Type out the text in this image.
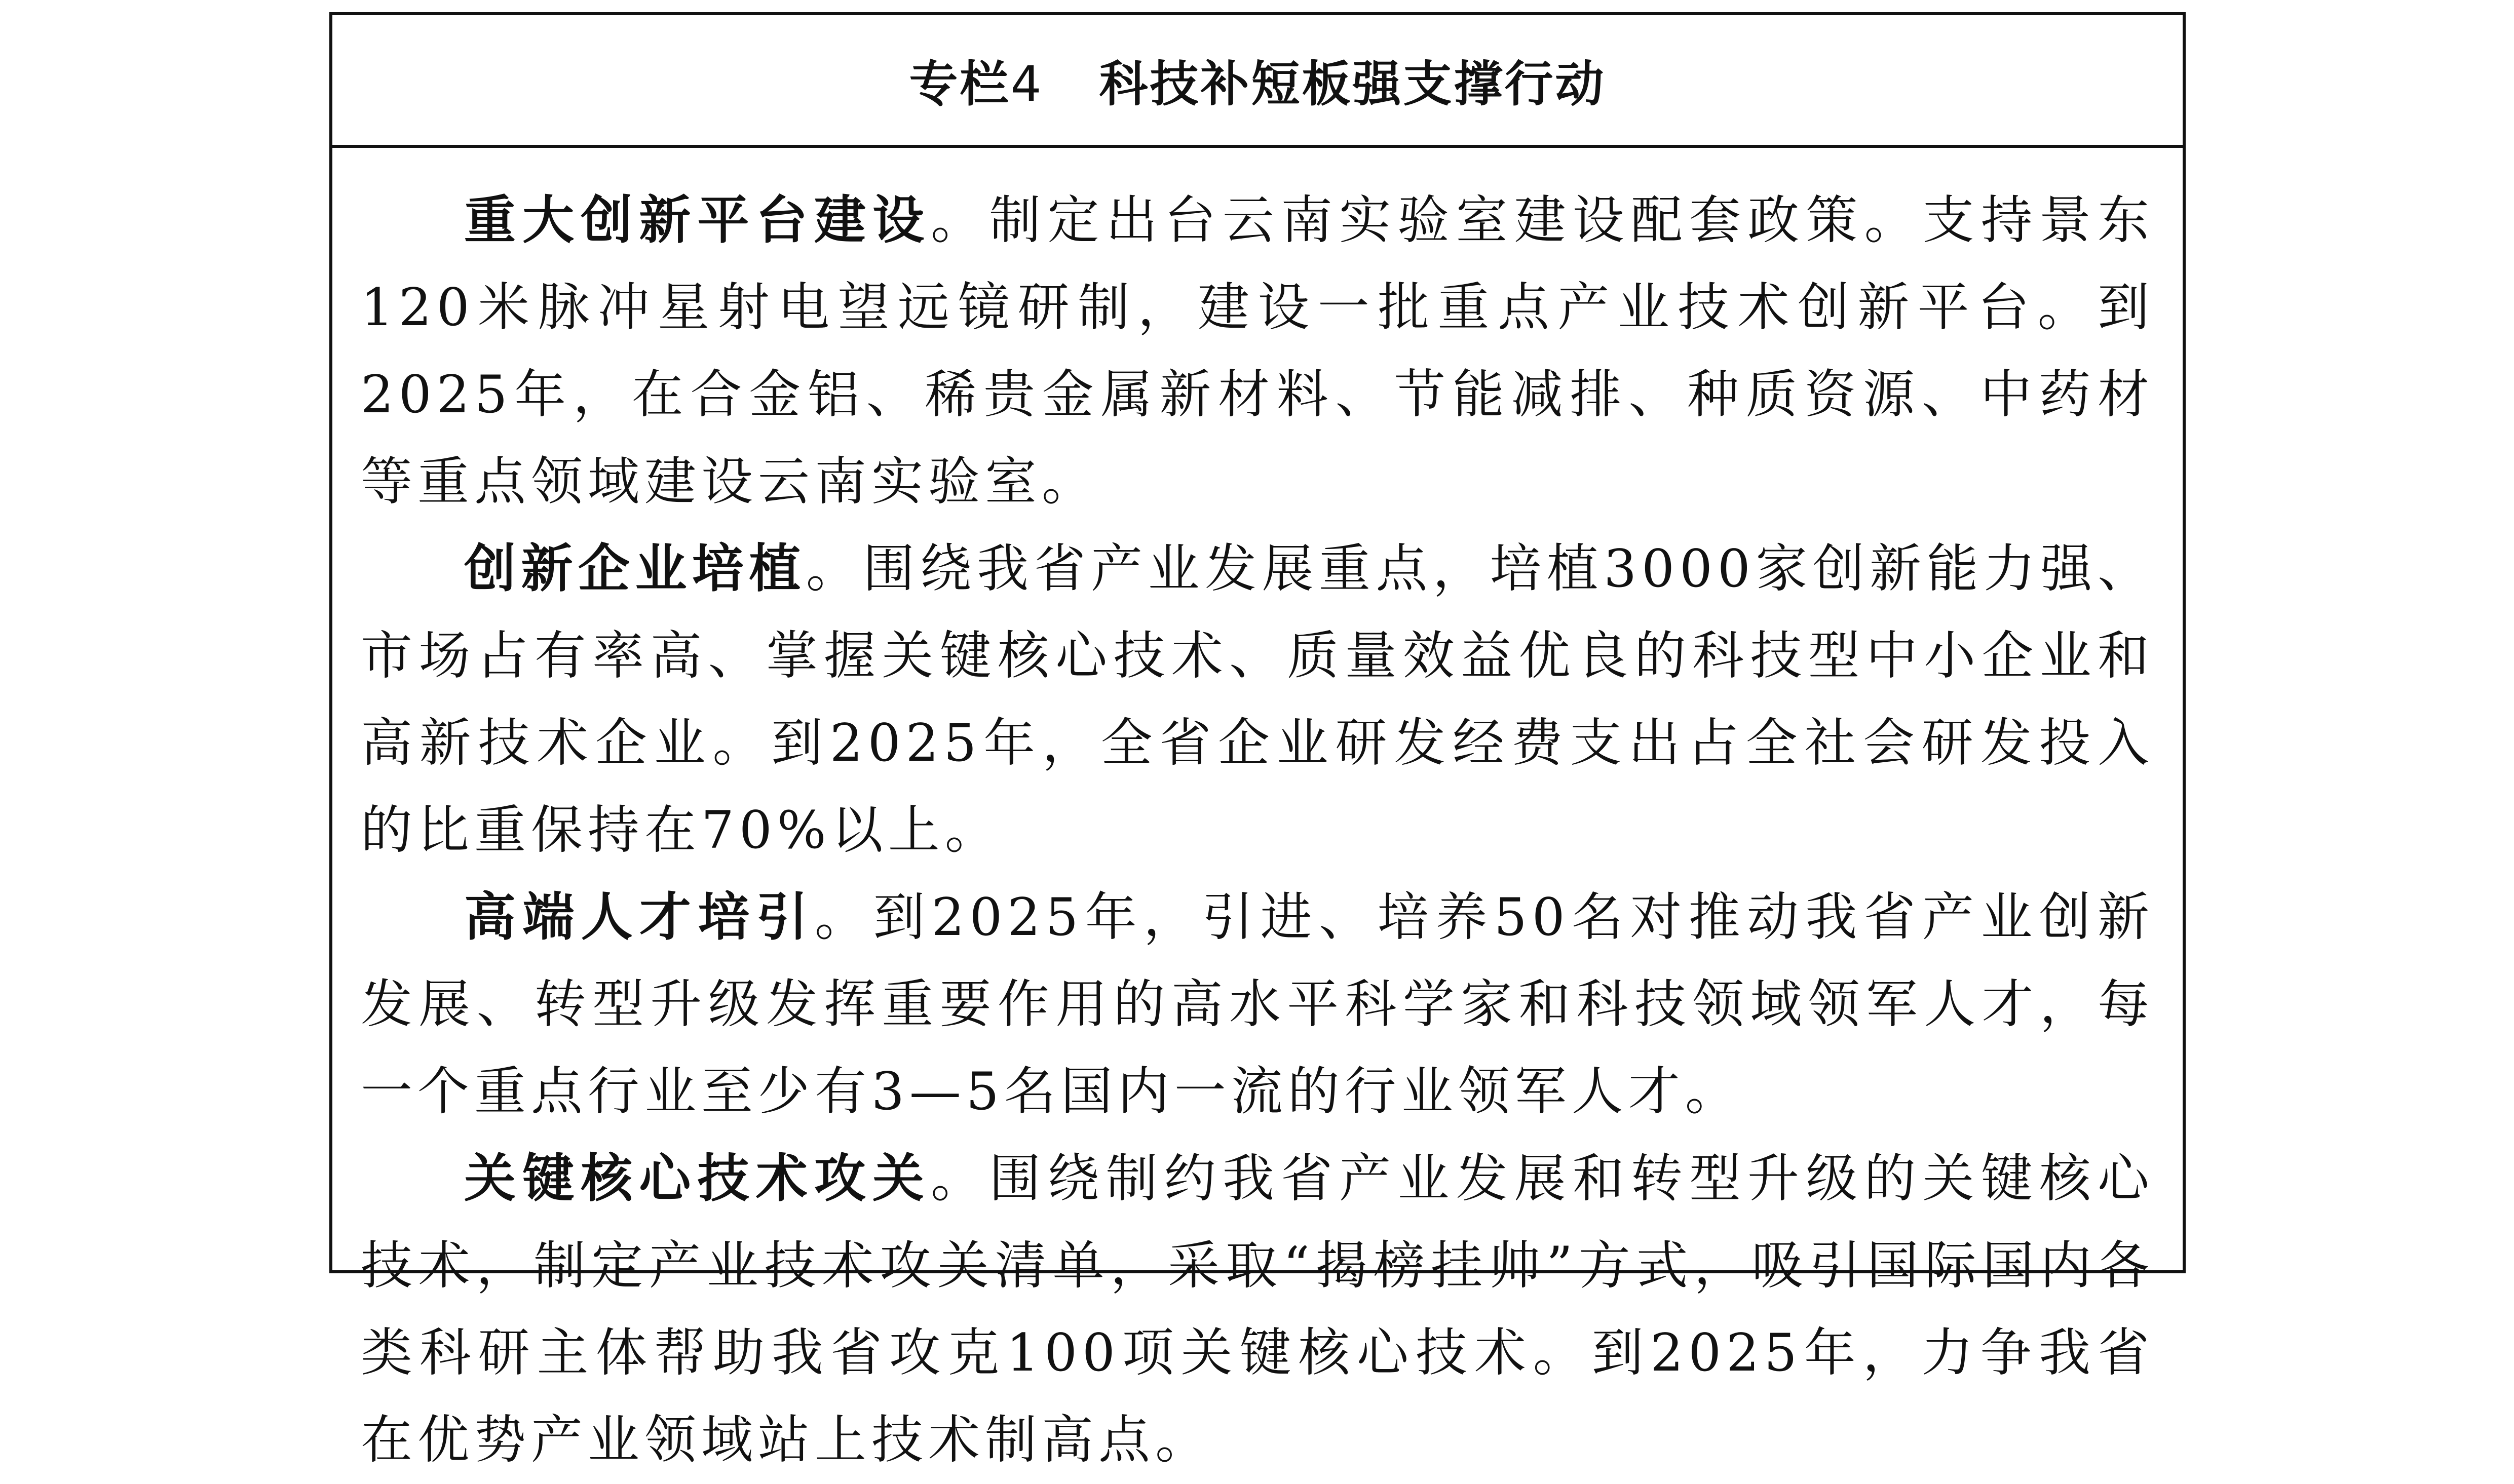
专栏4 科技补短板强支撑行动

重大创新平台建设。制定出台云南实验室建设配套政策。支持景东120米脉冲星射电望远镜研制，建设一批重点产业技术创新平台。到2025年，在合金铝、稀贵金属新材料、节能减排、种质资源、中药材等重点领域建设云南实验室。

创新企业培植。围绕我省产业发展重点，培植3000家创新能力强、市场占有率高、掌握关键核心技术、质量效益优良的科技型中小企业和高新技术企业。到2025年，全省企业研发经费支出占全社会研发投入的比重保持在70%以上。

高端人才培引。到2025年，引进、培养50名对推动我省产业创新发展、转型升级发挥重要作用的高水平科学家和科技领域领军人才，每一个重点行业至少有3—5名国内一流的行业领军人才。

关键核心技术攻关。围绕制约我省产业发展和转型升级的关键核心技术，制定产业技术攻关清单，采取“揭榜挂帅”方式，吸引国际国内各类科研主体帮助我省攻克100项关键核心技术。到2025年，力争我省在优势产业领域站上技术制高点。
